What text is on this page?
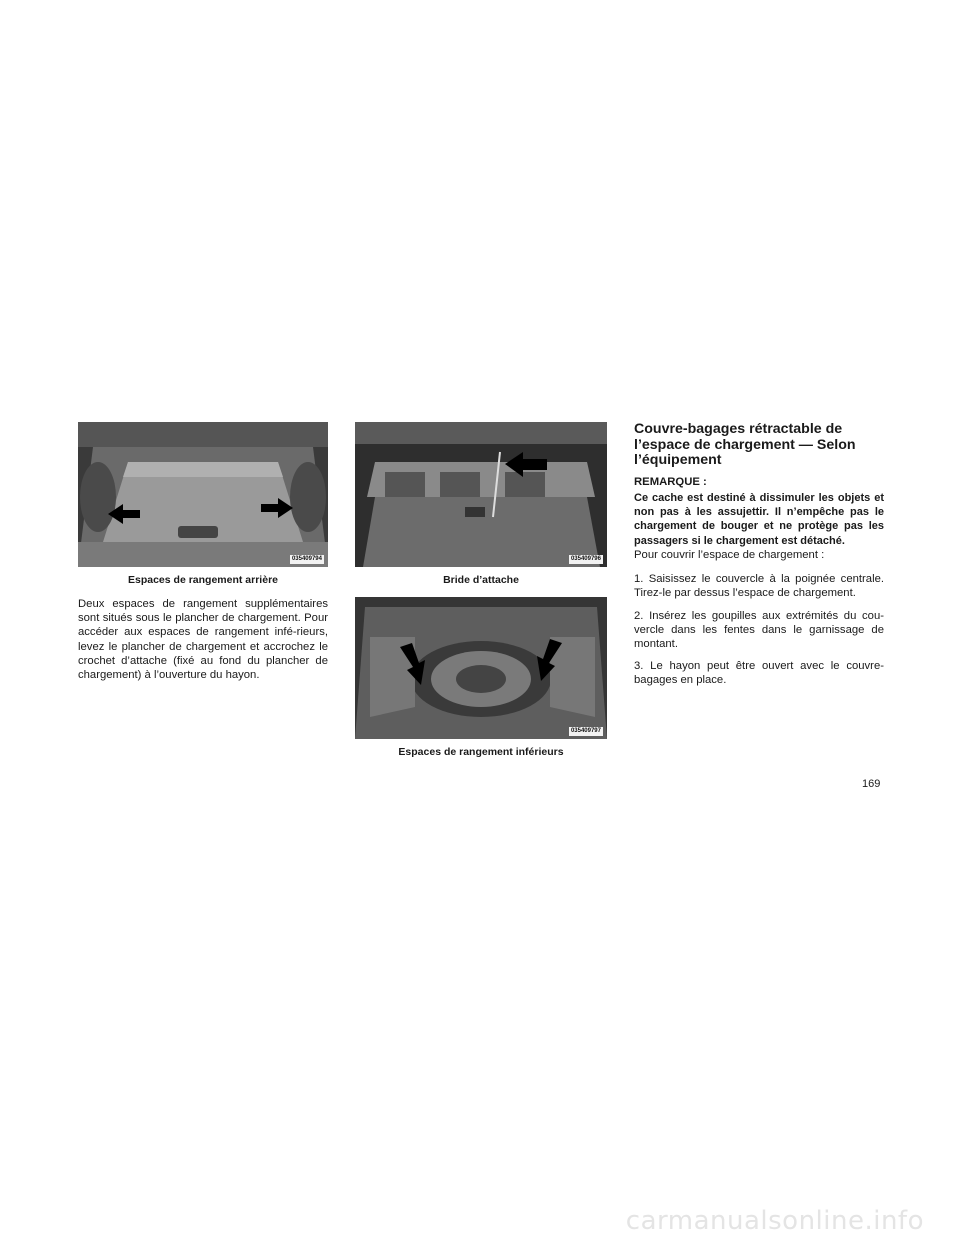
035409794
Espaces de rangement arrière
035409796
Bride d’attache
035409797
Espaces de rangement inférieurs

Deux espaces de rangement supplémentaires sont situés sous le plancher de chargement. Pour accéder aux espaces de rangement infé-rieurs, levez le plancher de chargement et accrochez le crochet d’attache (fixé au fond du plancher de chargement) à l’ouverture du hayon.

Couvre-bagages rétractable de l’espace de chargement — Selon l’équipement
REMARQUE :
Ce cache est destiné à dissimuler les objets et non pas à les assujettir. Il n’empêche pas le chargement de bouger et ne protège pas les passagers si le chargement est détaché.

Pour couvrir l’espace de chargement :

1. Saisissez le couvercle à la poignée centrale. Tirez-le par dessus l’espace de chargement.

2. Insérez les goupilles aux extrémités du cou-vercle dans les fentes dans le garnissage de montant.

3. Le hayon peut être ouvert avec le couvre-bagages en place.

169
carmanualsonline.info
